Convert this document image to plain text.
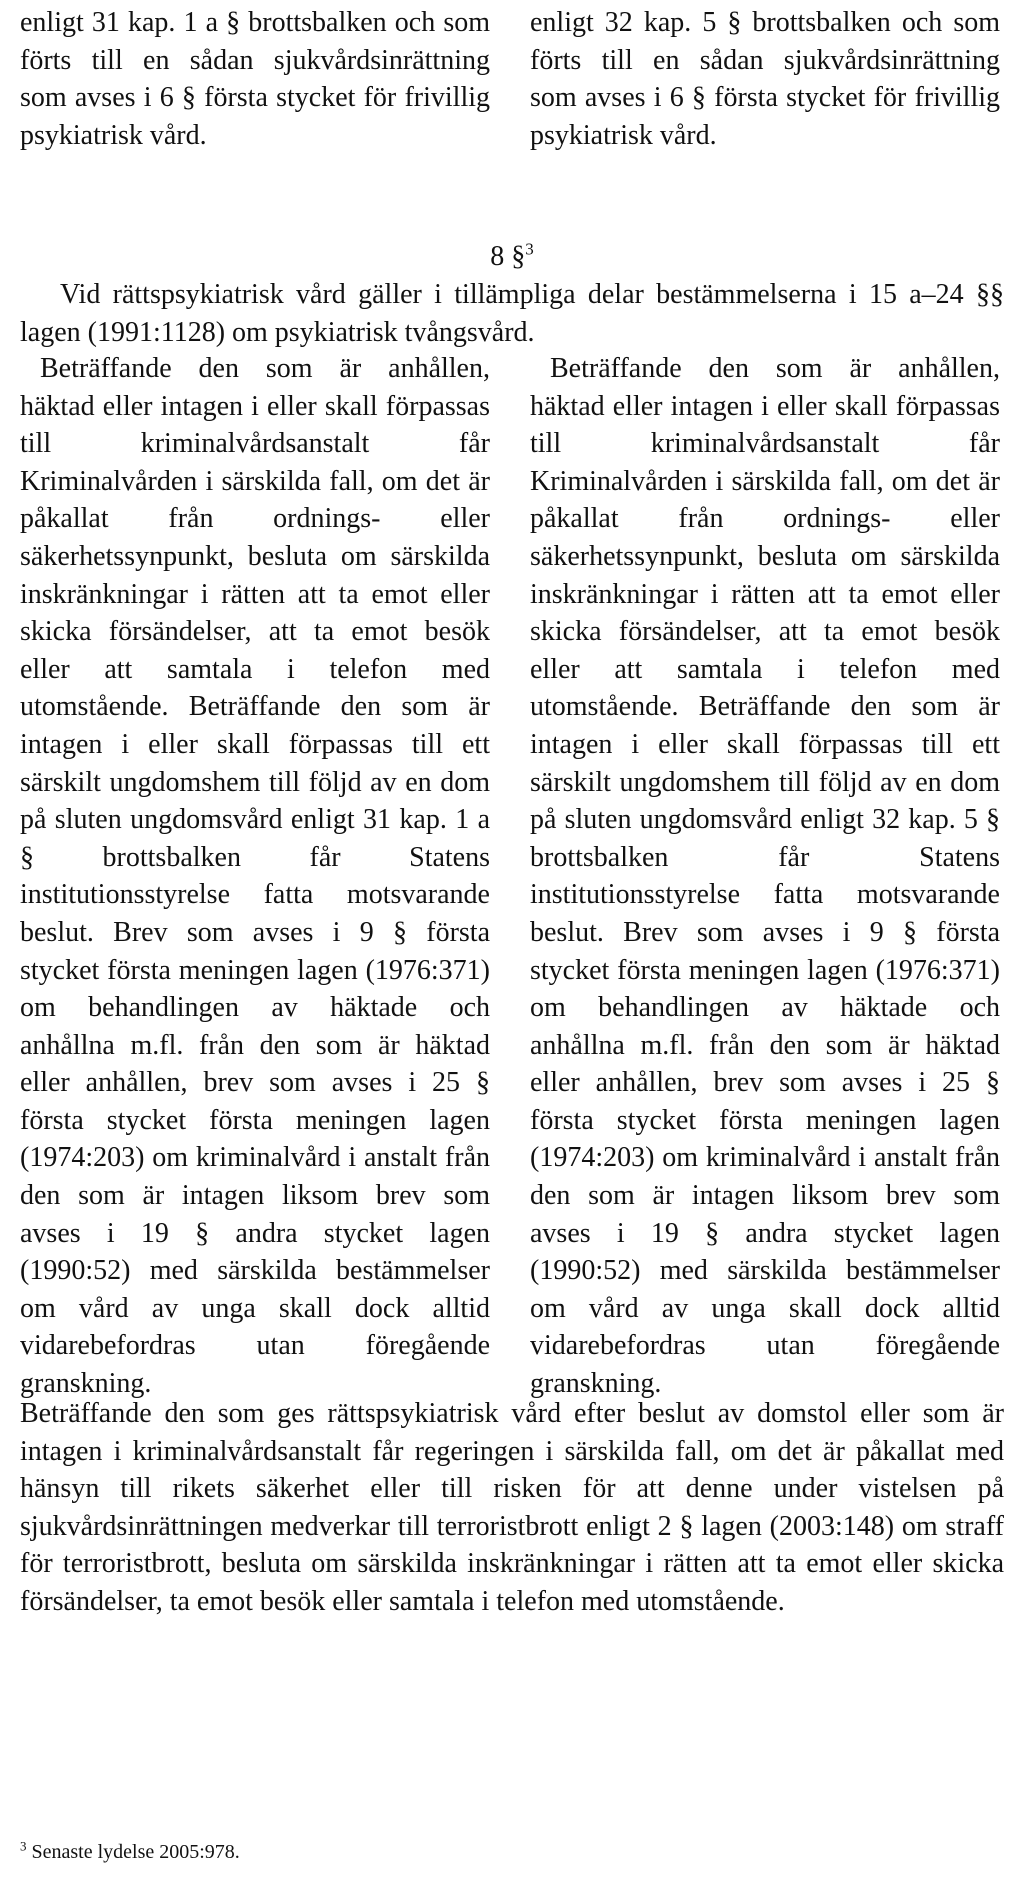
enligt 31 kap. 1 a § brottsbalken och som förts till en sådan sjukvårdsinrättning som avses i 6 § första stycket för frivillig psykiatrisk vård.

enligt 32 kap. 5 § brottsbalken och som förts till en sådan sjukvårdsinrättning som avses i 6 § första stycket för frivillig psykiatrisk vård.

8 §$^3$

Vid rättspsykiatrisk vård gäller i tillämpliga delar bestämmelserna i 15 a–24 §§ lagen (1991:1128) om psykiatrisk tvångsvård.

Beträffande den som är anhållen, häktad eller intagen i eller skall förpassas till kriminalvårdsanstalt får Kriminalvården i särskilda fall, om det är påkallat från ordnings- eller säkerhetssynpunkt, besluta om särskilda inskränkningar i rätten att ta emot eller skicka försändelser, att ta emot besök eller att samtala i telefon med utomstående. Beträffande den som är intagen i eller skall förpassas till ett särskilt ungdomshem till följd av en dom på sluten ungdomsvård enligt 31 kap. 1 a § brottsbalken får Statens institutionsstyrelse fatta motsvarande beslut. Brev som avses i 9 § första stycket första meningen lagen (1976:371) om behandlingen av häktade och anhållna m.fl. från den som är häktad eller anhållen, brev som avses i 25 § första stycket första meningen lagen (1974:203) om kriminalvård i anstalt från den som är intagen liksom brev som avses i 19 § andra stycket lagen (1990:52) med särskilda bestämmelser om vård av unga skall dock alltid vidarebefordras utan föregående granskning.

Beträffande den som är anhållen, häktad eller intagen i eller skall förpassas till kriminalvårdsanstalt får Kriminalvården i särskilda fall, om det är påkallat från ordnings- eller säkerhetssynpunkt, besluta om särskilda inskränkningar i rätten att ta emot eller skicka försändelser, att ta emot besök eller att samtala i telefon med utomstående. Beträffande den som är intagen i eller skall förpassas till ett särskilt ungdomshem till följd av en dom på sluten ungdomsvård enligt 32 kap. 5 § brottsbalken får Statens institutionsstyrelse fatta motsvarande beslut. Brev som avses i 9 § första stycket första meningen lagen (1976:371) om behandlingen av häktade och anhållna m.fl. från den som är häktad eller anhållen, brev som avses i 25 § första stycket första meningen lagen (1974:203) om kriminalvård i anstalt från den som är intagen liksom brev som avses i 19 § andra stycket lagen (1990:52) med särskilda bestämmelser om vård av unga skall dock alltid vidarebefordras utan föregående granskning.

Beträffande den som ges rättspsykiatrisk vård efter beslut av domstol eller som är intagen i kriminalvårdsanstalt får regeringen i särskilda fall, om det är påkallat med hänsyn till rikets säkerhet eller till risken för att denne under vistelsen på sjukvårdsinrättningen medverkar till terroristbrott enligt 2 § lagen (2003:148) om straff för terroristbrott, besluta om särskilda inskränkningar i rätten att ta emot eller skicka försändelser, ta emot besök eller samtala i telefon med utomstående.

$^3$ Senaste lydelse 2005:978.
